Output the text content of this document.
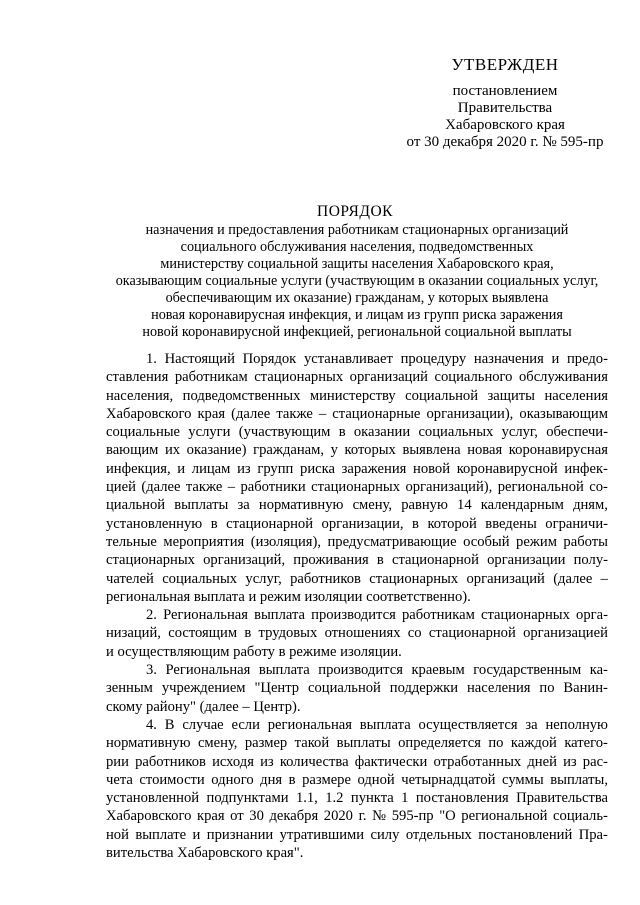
УТВЕРЖДЕН
постановлением
Правительства
Хабаровского края
от 30 декабря 2020 г. № 595-пр
ПОРЯДОК
назначения и предоставления работникам стационарных организаций
социального обслуживания населения, подведомственных
министерству социальной защиты населения Хабаровского края,
оказывающим социальные услуги (участвующим в оказании социальных услуг,
обеспечивающим их оказание) гражданам, у которых выявлена
новая коронавирусная инфекция, и лицам из групп риска заражения
новой коронавирусной инфекцией, региональной социальной выплаты
1. Настоящий Порядок устанавливает процедуру назначения и предо-
ставления работникам стационарных организаций социального обслуживания
населения, подведомственных министерству социальной защиты населения
Хабаровского края (далее также – стационарные организации), оказывающим
социальные услуги (участвующим в оказании социальных услуг, обеспечи-
вающим их оказание) гражданам, у которых выявлена новая коронавирусная
инфекция, и лицам из групп риска заражения новой коронавирусной инфек-
цией (далее также – работники стационарных организаций), региональной со-
циальной выплаты за нормативную смену, равную 14 календарным дням,
установленную в стационарной организации, в которой введены ограничи-
тельные мероприятия (изоляция), предусматривающие особый режим работы
стационарных организаций, проживания в стационарной организации полу-
чателей социальных услуг, работников стационарных организаций (далее –
региональная выплата и режим изоляции соответственно).
2. Региональная выплата производится работникам стационарных орга-
низаций, состоящим в трудовых отношениях со стационарной организацией
и осуществляющим работу в режиме изоляции.
3. Региональная выплата производится краевым государственным ка-
зенным учреждением "Центр социальной поддержки населения по Ванин-
скому району" (далее – Центр).
4. В случае если региональная выплата осуществляется за неполную
нормативную смену, размер такой выплаты определяется по каждой катего-
рии работников исходя из количества фактически отработанных дней из рас-
чета стоимости одного дня в размере одной четырнадцатой суммы выплаты,
установленной подпунктами 1.1, 1.2 пункта 1 постановления Правительства
Хабаровского края от 30 декабря 2020 г. № 595-пр "О региональной социаль-
ной выплате и признании утратившими силу отдельных постановлений Пра-
вительства Хабаровского края".
